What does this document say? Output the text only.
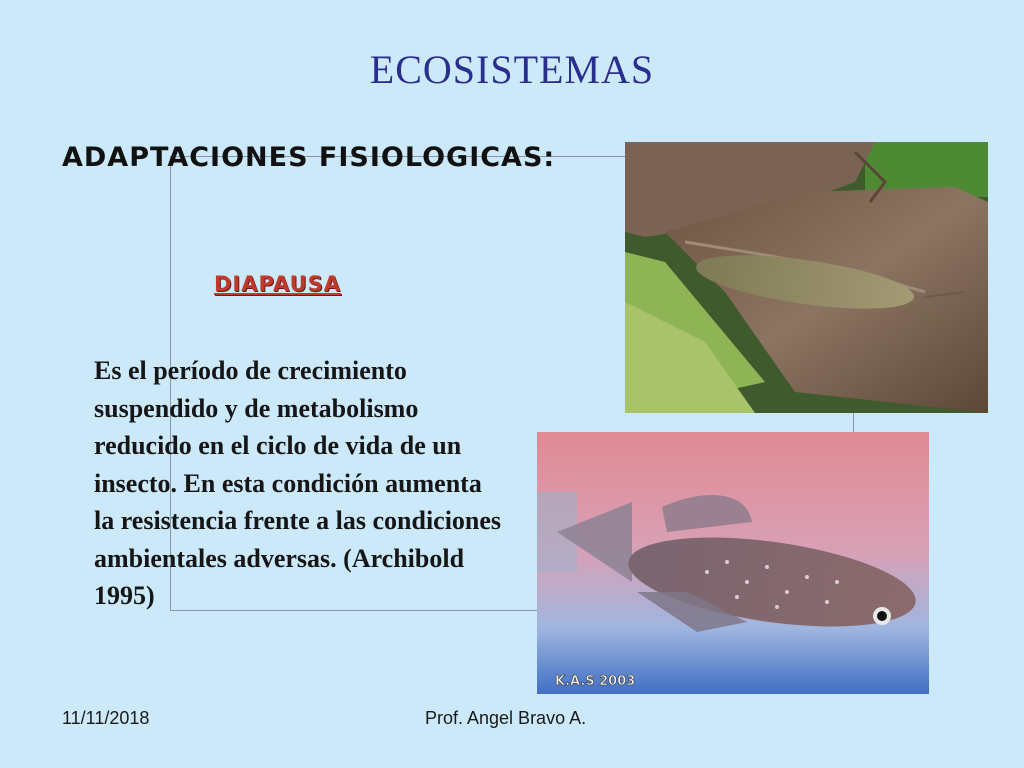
ECOSISTEMAS
ADAPTACIONES FISIOLOGICAS:
DIAPAUSA
Es el período de crecimiento suspendido y de metabolismo reducido en el ciclo de vida de un insecto. En esta condición aumenta la resistencia frente a las condiciones ambientales adversas. (Archibold 1995)
K.A.S 2003
11/11/2018	Prof. Angel Bravo A.
